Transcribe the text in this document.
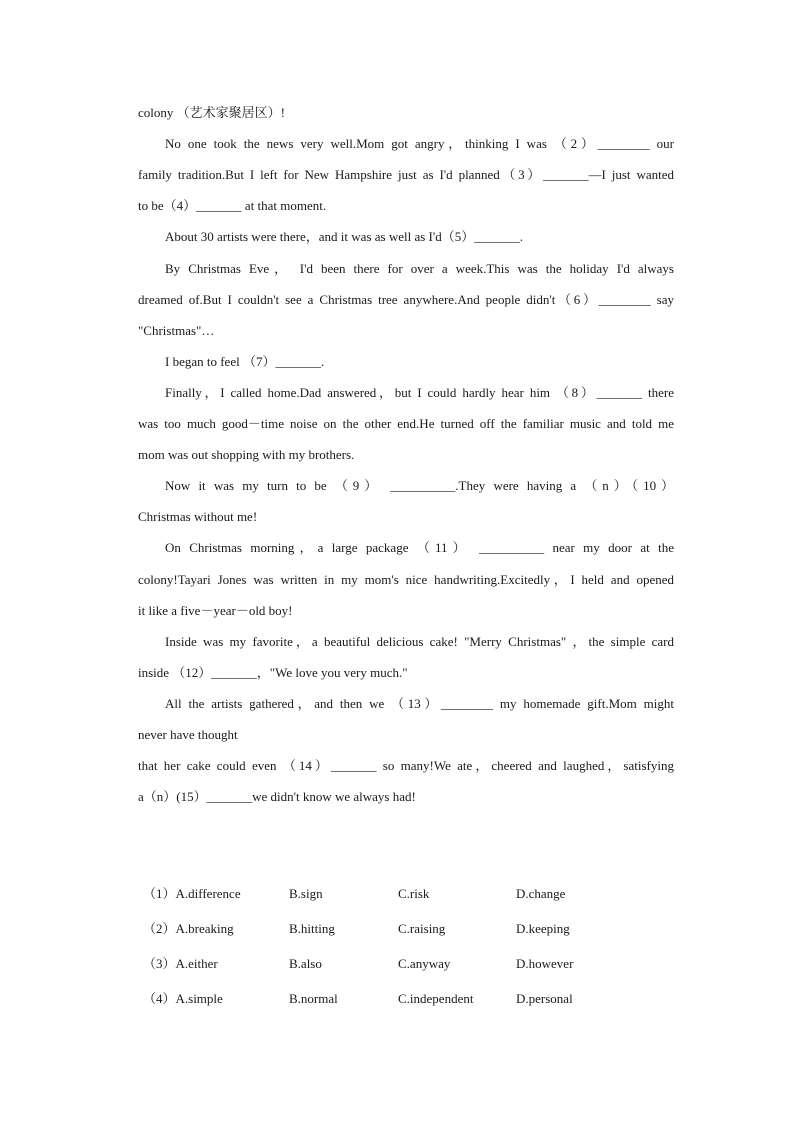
colony （艺术家聚居区）!
No one took the news very well.Mom got angry，thinking I was （2）________ our
family tradition.But I left for New Hampshire just as I'd planned（3）_______—I just wanted
to be（4）_______ at that moment.
About 30 artists were there，and it was as well as I'd（5）_______.
By Christmas Eve， I'd been there for over a week.This was the holiday I'd always
dreamed of.But I couldn't see a Christmas tree anywhere.And people didn't（6）________ say
"Christmas"…
I began to feel （7）_______.
Finally，I called home.Dad answered，but I could hardly hear him （8）_______ there
was too much good－time noise on the other end.He turned off the familiar music and told me
mom was out shopping with my brothers.
Now it was my turn to be （9） __________.They were having a （n）（10）
Christmas without me!
On Christmas morning，a large package （11） __________ near my door at the
colony!Tayari Jones was written in my mom's nice handwriting.Excitedly，I held and opened
it like a five－year－old boy!
Inside was my favorite，a beautiful delicious cake! "Merry Christmas" ，the simple card
inside （12）_______，"We love you very much."
All the artists gathered，and then we （13）________ my homemade gift.Mom might
never have thought
that her cake could even （14）_______ so many!We ate，cheered and laughed，satisfying
a（n）(15）_______we didn't know we always had!
（1）A.difference	B.sign	C.risk	D.change
（2）A.breaking	B.hitting	C.raising	D.keeping
（3）A.either	B.also	C.anyway	D.however
（4）A.simple	B.normal	C.independent	D.personal
